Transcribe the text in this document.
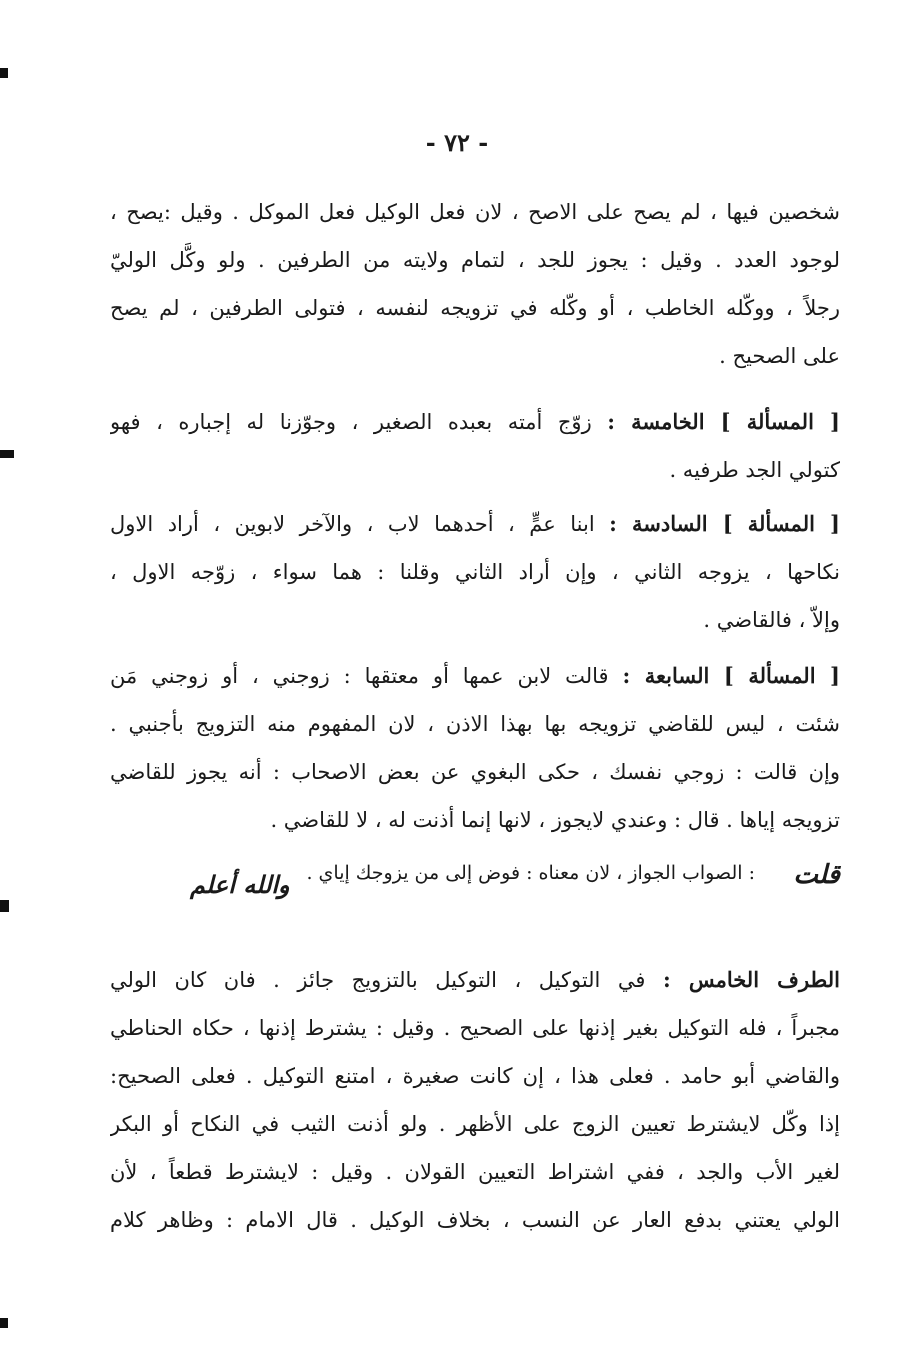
- ٧٢ -
شخصين فيها ، لم يصح على الاصح ، لان فعل الوكيل فعل الموكل . وقيل :يصح ،
لوجود العدد . وقيل : يجوز للجد ، لتمام ولايته من الطرفين . ولو وكَّل الوليّ
رجلاً ، ووكّله الخاطب ، أو وكّله في تزويجه لنفسه ، فتولى الطرفين ، لم يصح
على الصحيح .
[ المسألة ] الخامسة : زوّج أمته بعبده الصغير ، وجوّزنا له إجباره ، فهو
كتولي الجد طرفيه .
[ المسألة ] السادسة : ابنا عمٍّ ، أحدهما لاب ، والآخر لابوين ، أراد الاول
نكاحها ، يزوجه الثاني ، وإن أراد الثاني وقلنا : هما سواء ، زوّجه الاول ،
وإلاّ ، فالقاضي .
[ المسألة ] السابعة : قالت لابن عمها أو معتقها : زوجني ، أو زوجني مَن
شئت ، ليس للقاضي تزويجه بها بهذا الاذن ، لان المفهوم منه التزويج بأجنبي .
وإن قالت : زوجي نفسك ، حكى البغوي عن بعض الاصحاب : أنه يجوز للقاضي
تزويجه إياها . قال : وعندي لايجوز ، لانها إنما أذنت له ، لا للقاضي .
قلت
: الصواب الجواز ، لان معناه : فوض إلى من يزوجك إياي .
والله أعلم
الطرف الخامس : في التوكيل ، التوكيل بالتزويج جائز . فان كان الولي
مجبراً ، فله التوكيل بغير إذنها على الصحيح . وقيل : يشترط إذنها ، حكاه الحناطي
والقاضي أبو حامد . فعلى هذا ، إن كانت صغيرة ، امتنع التوكيل . فعلى الصحيح:
إذا وكّل لايشترط تعيين الزوج على الأظهر . ولو أذنت الثيب في النكاح أو البكر
لغير الأب والجد ، ففي اشتراط التعيين القولان . وقيل : لايشترط قطعاً ، لأن
الولي يعتني بدفع العار عن النسب ، بخلاف الوكيل . قال الامام : وظاهر كلام
